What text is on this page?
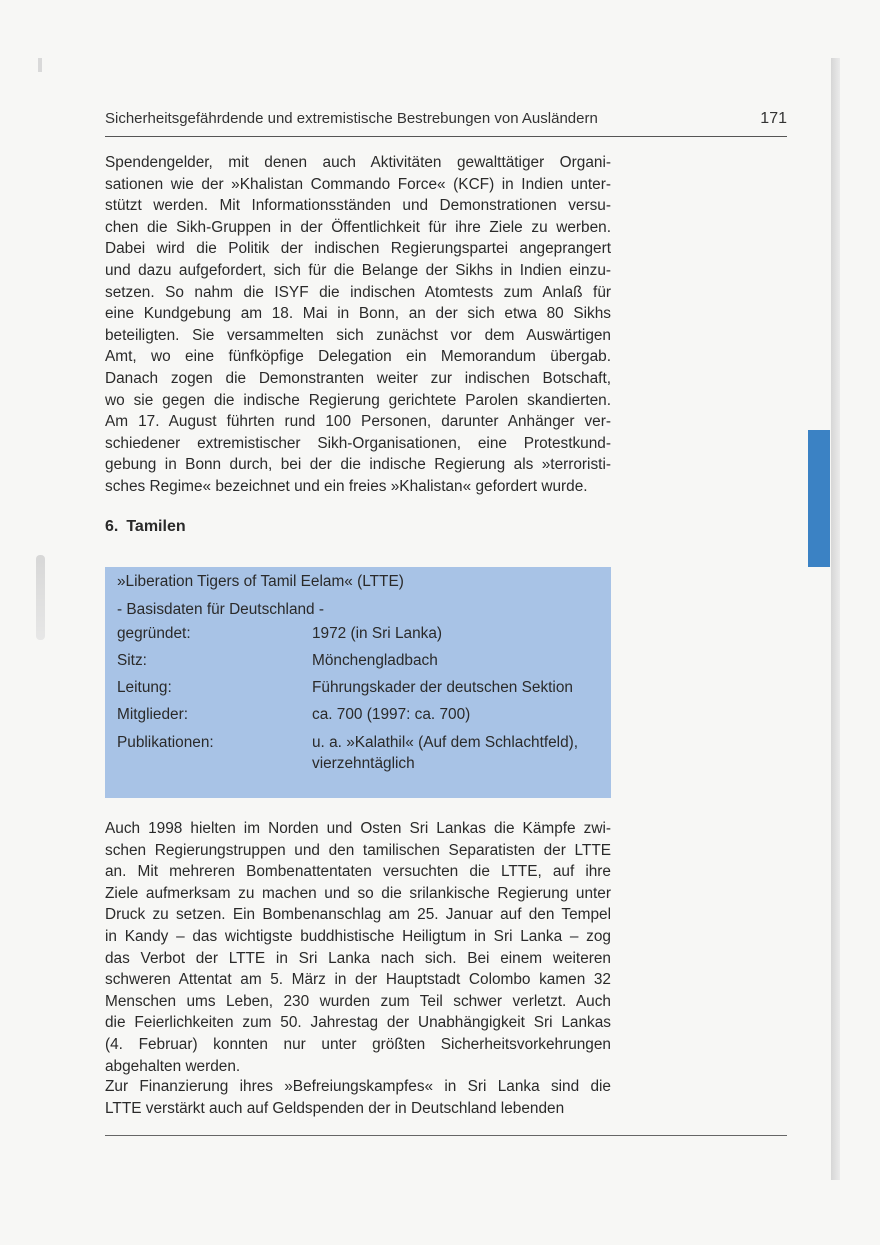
Sicherheitsgefährdende und extremistische Bestrebungen von Ausländern	171

Spendengelder, mit denen auch Aktivitäten gewalttätiger Organi-
sationen wie der »Khalistan Commando Force« (KCF) in Indien unter-
stützt werden. Mit Informationsständen und Demonstrationen versu-
chen die Sikh-Gruppen in der Öffentlichkeit für ihre Ziele zu werben.
Dabei wird die Politik der indischen Regierungspartei angeprangert
und dazu aufgefordert, sich für die Belange der Sikhs in Indien einzu-
setzen. So nahm die ISYF die indischen Atomtests zum Anlaß für
eine Kundgebung am 18. Mai in Bonn, an der sich etwa 80 Sikhs
beteiligten. Sie versammelten sich zunächst vor dem Auswärtigen
Amt, wo eine fünfköpfige Delegation ein Memorandum übergab.
Danach zogen die Demonstranten weiter zur indischen Botschaft,
wo sie gegen die indische Regierung gerichtete Parolen skandierten.
Am 17. August führten rund 100 Personen, darunter Anhänger ver-
schiedener extremistischer Sikh-Organisationen, eine Protestkund-
gebung in Bonn durch, bei der die indische Regierung als »terroristi-
sches Regime« bezeichnet und ein freies »Khalistan« gefordert wurde.

6. Tamilen

»Liberation Tigers of Tamil Eelam« (LTTE)

- Basisdaten für Deutschland -

gegründet:	1972 (in Sri Lanka)
Sitz:	Mönchengladbach
Leitung:	Führungskader der deutschen Sektion
Mitglieder:	ca. 700 (1997: ca. 700)
Publikationen:	u. a. »Kalathil« (Auf dem Schlachtfeld),
vierzehntäglich

Auch 1998 hielten im Norden und Osten Sri Lankas die Kämpfe zwi-
schen Regierungstruppen und den tamilischen Separatisten der LTTE
an. Mit mehreren Bombenattentaten versuchten die LTTE, auf ihre
Ziele aufmerksam zu machen und so die srilankische Regierung unter
Druck zu setzen. Ein Bombenanschlag am 25. Januar auf den Tempel
in Kandy – das wichtigste buddhistische Heiligtum in Sri Lanka – zog
das Verbot der LTTE in Sri Lanka nach sich. Bei einem weiteren
schweren Attentat am 5. März in der Hauptstadt Colombo kamen 32
Menschen ums Leben, 230 wurden zum Teil schwer verletzt. Auch
die Feierlichkeiten zum 50. Jahrestag der Unabhängigkeit Sri Lankas
(4. Februar) konnten nur unter größten Sicherheitsvorkehrungen
abgehalten werden.

Zur Finanzierung ihres »Befreiungskampfes« in Sri Lanka sind die
LTTE verstärkt auch auf Geldspenden der in Deutschland lebenden
